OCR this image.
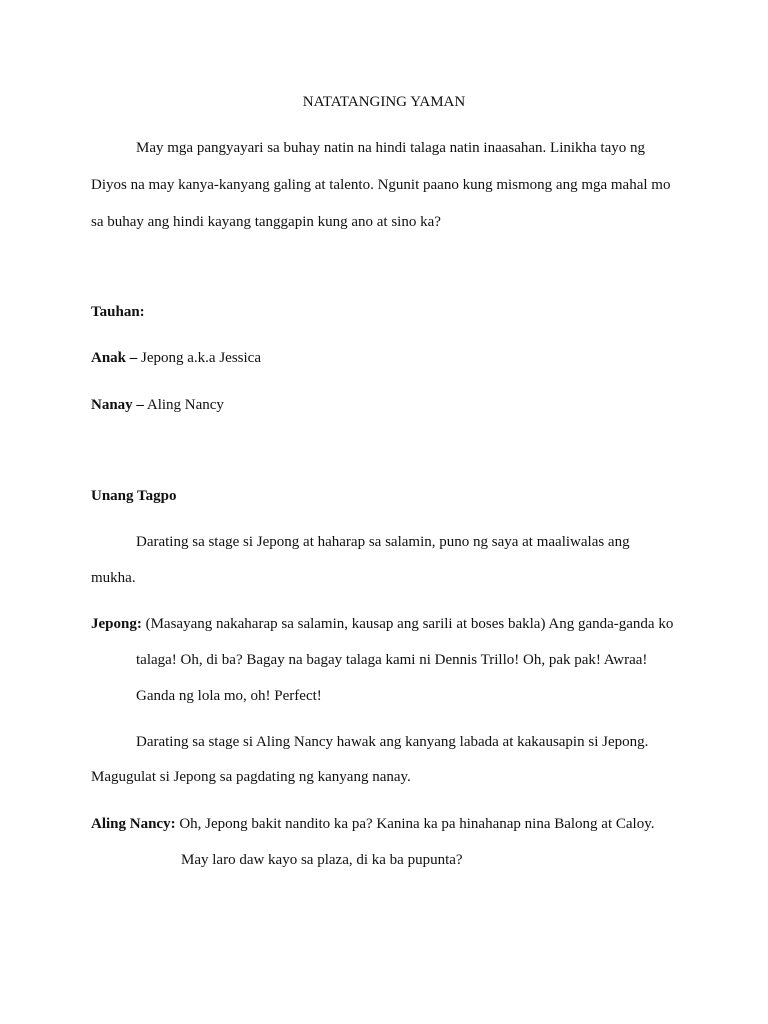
NATATANGING YAMAN
May mga pangyayari sa buhay natin na hindi talaga natin inaasahan. Linikha tayo ng
Diyos na may kanya-kanyang galing at talento. Ngunit paano kung mismong ang mga mahal mo
sa buhay ang hindi kayang tanggapin kung ano at sino ka?
Tauhan:
Anak – Jepong a.k.a Jessica
Nanay – Aling Nancy
Unang Tagpo
Darating sa stage si Jepong at haharap sa salamin, puno ng saya at maaliwalas ang
mukha.
Jepong: (Masayang nakaharap sa salamin, kausap ang sarili at boses bakla) Ang ganda-ganda ko
talaga! Oh, di ba? Bagay na bagay talaga kami ni Dennis Trillo! Oh, pak pak! Awraa!
Ganda ng lola mo, oh! Perfect!
Darating sa stage si Aling Nancy hawak ang kanyang labada at kakausapin si Jepong.
Magugulat si Jepong sa pagdating ng kanyang nanay.
Aling Nancy: Oh, Jepong bakit nandito ka pa? Kanina ka pa hinahanap nina Balong at Caloy.
May laro daw kayo sa plaza, di ka ba pupunta?
